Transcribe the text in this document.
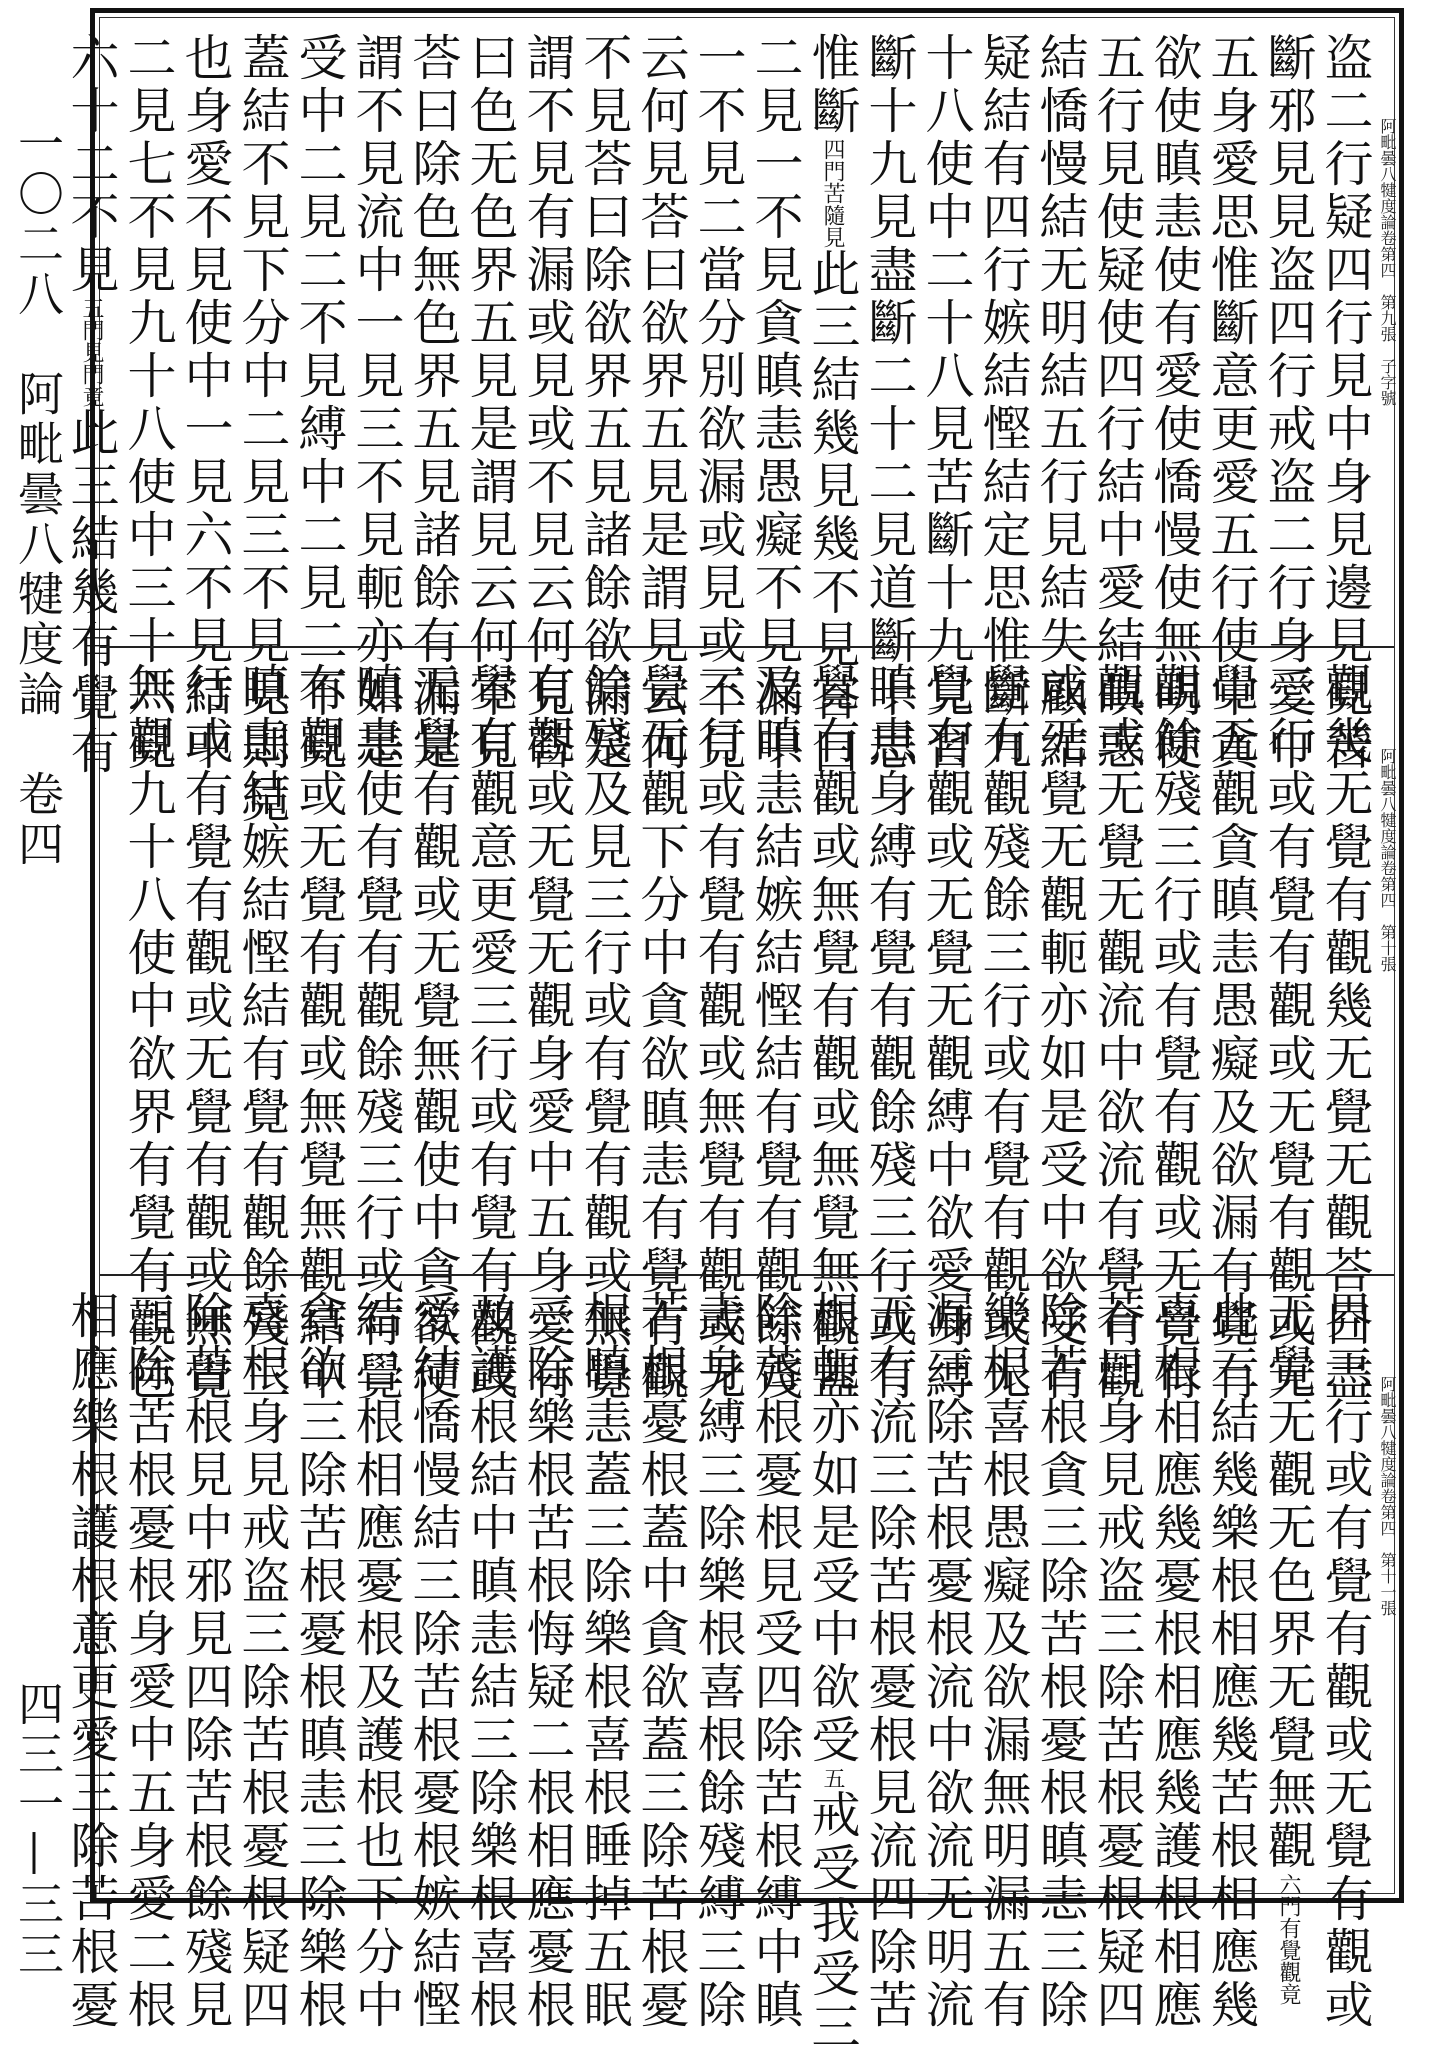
一〇二八　阿毗曇八犍度論　卷四
四三一—三三
阿毗曇八犍度論卷第四　第九張　子字號
盗二行疑四行見中身見邊見見苦
斷邪見見盗四行戒盗二行身愛中
五身愛思惟斷意更愛五行使中貪
欲使瞋恚使有愛使憍慢使無明使
五行見使疑使四行結中愛結瞋恚
結憍慢結无明結五行見結失顧結
疑結有四行嫉結慳結定思惟斷九
十八使中二十八見苦斷十九見習
斷十九見盡斷二十二見道斷十思
惟斷四門苦隨見此三結幾見幾不見荅曰
二見一不見貪瞋恚愚癡不見漏中
一不見二當分別欲漏或見或不見
云何見荅曰欲界五見是謂見云何
不見荅曰除欲界五見諸餘欲漏是
謂不見有漏或見或不見云何見荅
曰色无色界五見是謂見云何不見
荅曰除色無色界五見諸餘有漏是
謂不見流中一見三不見軛亦如是
受中二見二不見縛中二見二不見
蓋結不見下分中二見三不見見則見
也身愛不見使中一見六不見結中
二見七不見九十八使中三十六見
六十二不見五門見門竟此三結幾有覺有
阿毗曇八犍度論卷第四　第十張
觀幾无覺有觀幾无覺无觀荅曰盡
三行或有覺有觀或无覺有觀或无
覺无觀貪瞋恚愚癡及欲漏有覺有
觀餘殘三行或有覺有觀或无覺有
觀或无覺无觀流中欲流有覺有觀
或无覺无觀軛亦如是受中欲受有
覺有觀殘餘三行或有覺有觀或无
覺有觀或无覺无觀縛中欲愛身縛
瞋恚身縛有覺有觀餘殘三行或有
覺有觀或無覺有觀或無覺無觀蓋
及瞋恚結嫉結慳結有覺有觀餘殘
三行或有覺有觀或無覺有觀或无
覺无觀下分中貪欲瞋恚有覺有觀
餘殘及見三行或有覺有觀或無覺
有觀或无覺无觀身愛中五身愛有
覺有觀意更愛三行或有覺有觀或
无覺有觀或无覺無觀使中貪欲使
瞋恚使有覺有觀餘殘三行或有覺
有觀或无覺有觀或無覺無觀結中
瞋恚結嫉結慳結有覺有觀餘殘三
行或有覺有觀或无覺有觀或無覺
無觀九十八使中欲界有覺有觀色
阿毗曇八犍度論卷第四　第十一張
界三行或有覺有觀或无覺有觀或
无覺无觀无色界无覺無觀六門有覺觀竟
此三結幾樂根相應幾苦根相應幾
喜根相應幾憂根相應幾護根相應
荅曰身見戒盗三除苦根憂根疑四
除苦根貪三除苦根憂根瞋恚三除
樂根喜根愚癡及欲漏無明漏五有
漏三除苦根憂根流中欲流无明流
五有流三除苦根憂根見流四除苦
根軛亦如是受中欲受五戒受我受三
除苦根憂根見受四除苦根縛中瞋
恚身縛三除樂根喜根餘殘縛三除
苦根憂根蓋中貪欲蓋三除苦根憂
根瞋恚蓋三除樂根喜根睡掉五眠
三除樂根苦根悔疑二根相應憂根
及護根結中瞋恚結三除樂根喜根
愛結憍慢結三除苦根憂根嫉結慳
結二根相應憂根及護根也下分中
貪欲三除苦根憂根瞋恚三除樂根
喜根身見戒盗三除苦根憂根疑四
除苦根見中邪見四除苦根餘殘見
三除苦根憂根身愛中五身愛二根
相應樂根護根意更愛三除苦根憂
